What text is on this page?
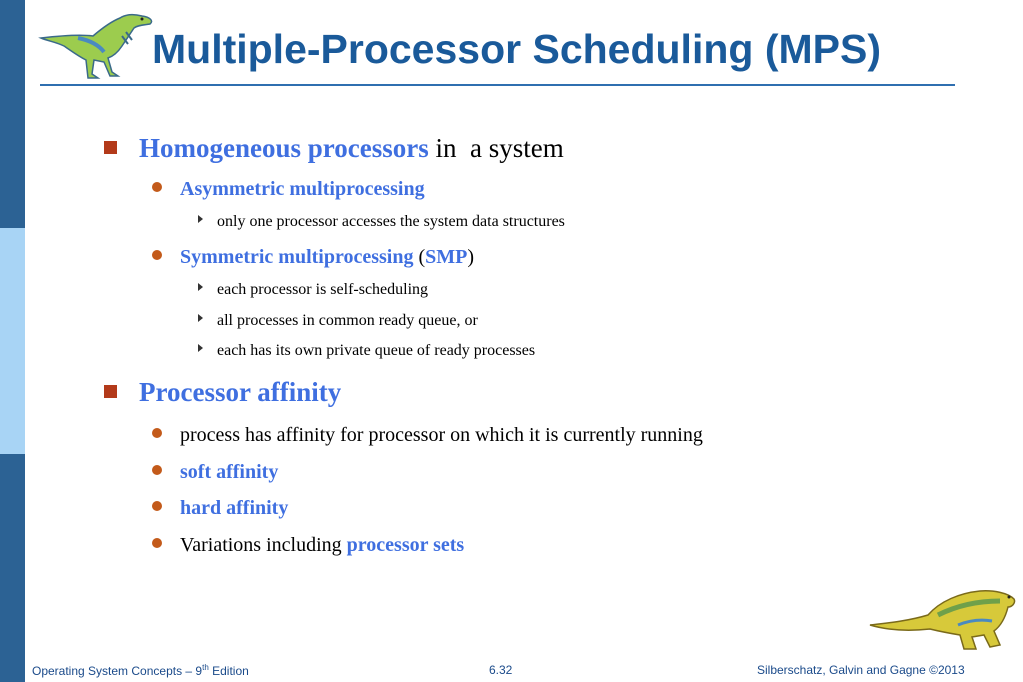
Multiple-Processor Scheduling (MPS)
Homogeneous processors in  a system
Asymmetric multiprocessing
only one processor accesses the system data structures
Symmetric multiprocessing ( SMP )
each processor is self-scheduling
all processes in common ready queue, or
each has its own private queue of ready processes
Processor affinity
process has affinity for processor on which it is currently running
soft affinity
hard affinity
Variations including processor sets
Operating System Concepts – 9th Edition	6.32	Silberschatz, Galvin and Gagne ©2013
